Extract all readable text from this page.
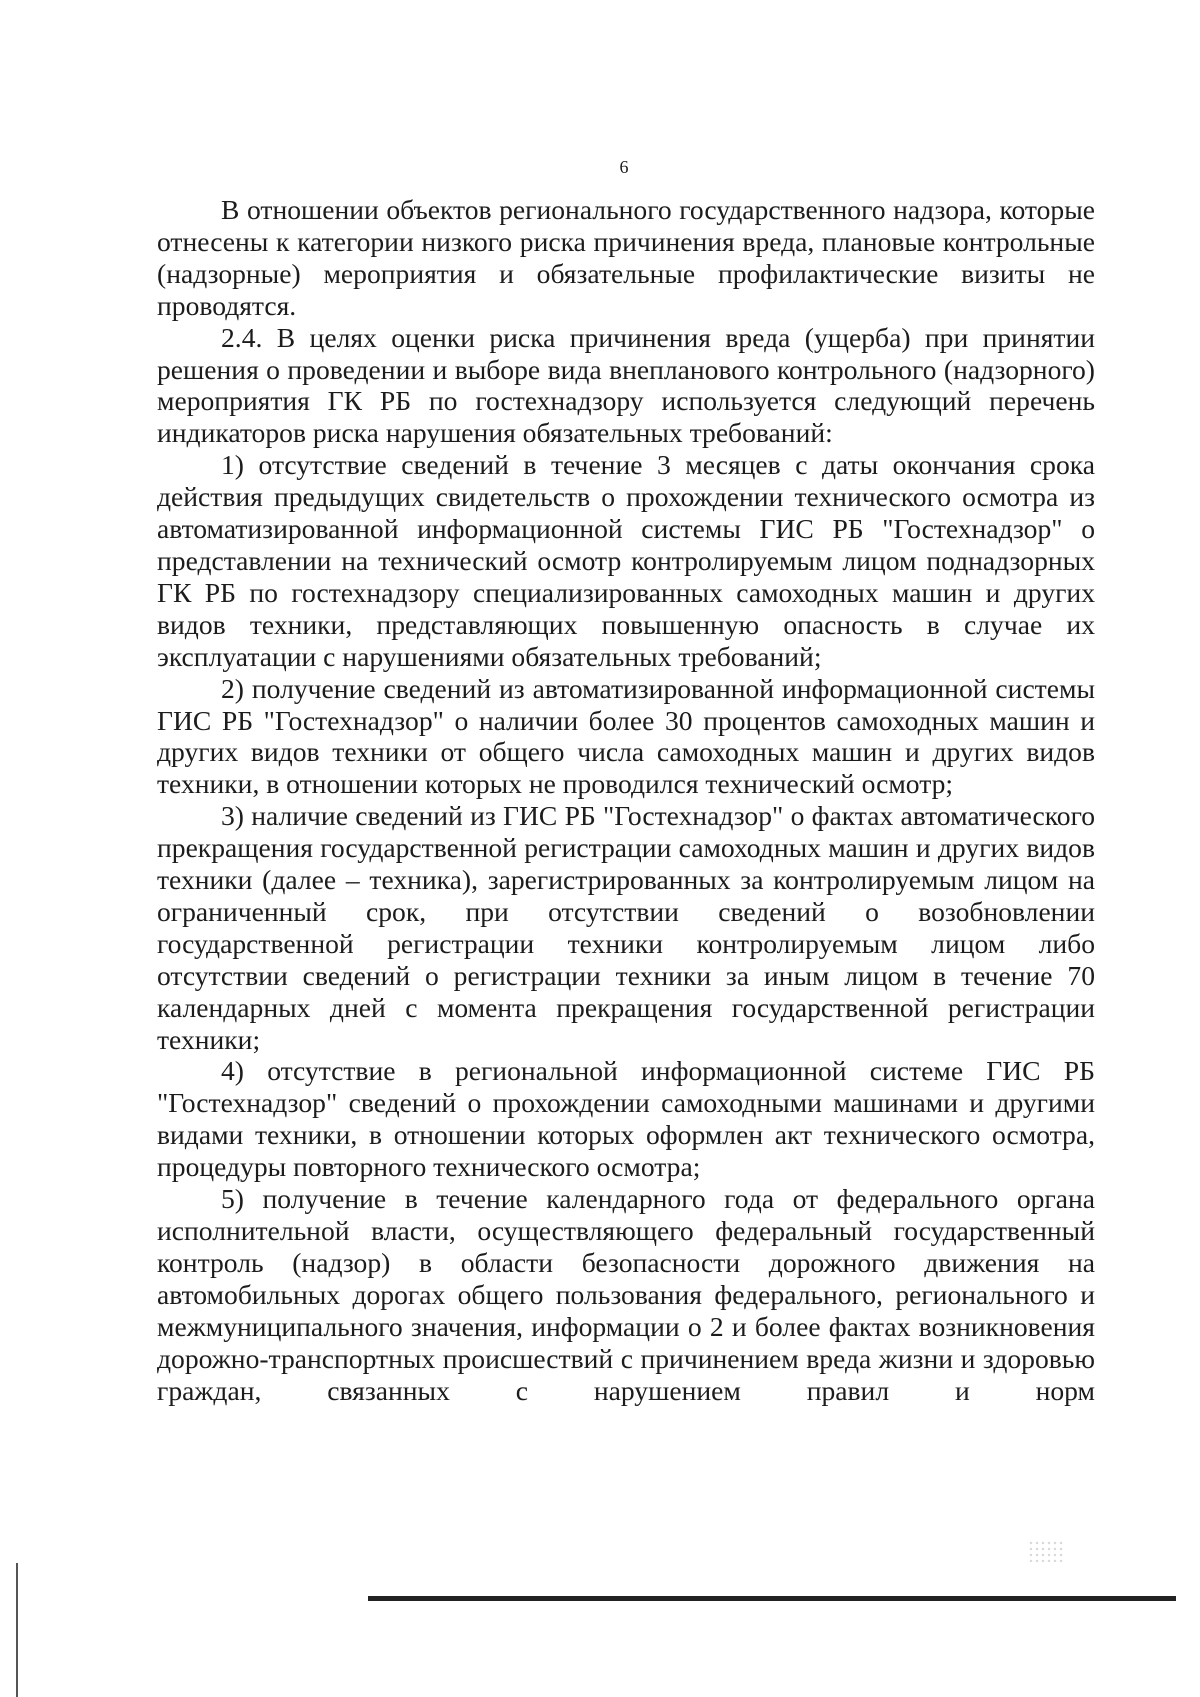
6

В отношении объектов регионального государственного надзора, которые отнесены к категории низкого риска причинения вреда, плановые контрольные (надзорные) мероприятия и обязательные профилактические визиты не проводятся.

2.4. В целях оценки риска причинения вреда (ущерба) при принятии решения о проведении и выборе вида внепланового контрольного (надзорного) мероприятия ГК РБ по гостехнадзору используется следующий перечень индикаторов риска нарушения обязательных требований:

1) отсутствие сведений в течение 3 месяцев с даты окончания срока действия предыдущих свидетельств о прохождении технического осмотра из автоматизированной информационной системы ГИС РБ "Гостехнадзор" о представлении на технический осмотр контролируемым лицом поднадзорных ГК РБ по гостехнадзору специализированных самоходных машин и других видов техники, представляющих повышенную опасность в случае их эксплуатации с нарушениями обязательных требований;

2) получение сведений из автоматизированной информационной системы ГИС РБ "Гостехнадзор" о наличии более 30 процентов самоходных машин и других видов техники от общего числа самоходных машин и других видов техники, в отношении которых не проводился технический осмотр;

3) наличие сведений из ГИС РБ "Гостехнадзор" о фактах автоматического прекращения государственной регистрации самоходных машин и других видов техники (далее – техника), зарегистрированных за контролируемым лицом на ограниченный срок, при отсутствии сведений о возобновлении государственной регистрации техники контролируемым лицом либо отсутствии сведений о регистрации техники за иным лицом в течение 70 календарных дней с момента прекращения государственной регистрации техники;

4) отсутствие в региональной информационной системе ГИС РБ "Гостехнадзор" сведений о прохождении самоходными машинами и другими видами техники, в отношении которых оформлен акт технического осмотра, процедуры повторного технического осмотра;

5) получение в течение календарного года от федерального органа исполнительной власти, осуществляющего федеральный государственный контроль (надзор) в области безопасности дорожного движения на автомобильных дорогах общего пользования федерального, регионального и межмуниципального значения, информации о 2 и более фактах возникновения дорожно-транспортных происшествий с причинением вреда жизни и здоровью граждан, связанных с нарушением правил и норм
